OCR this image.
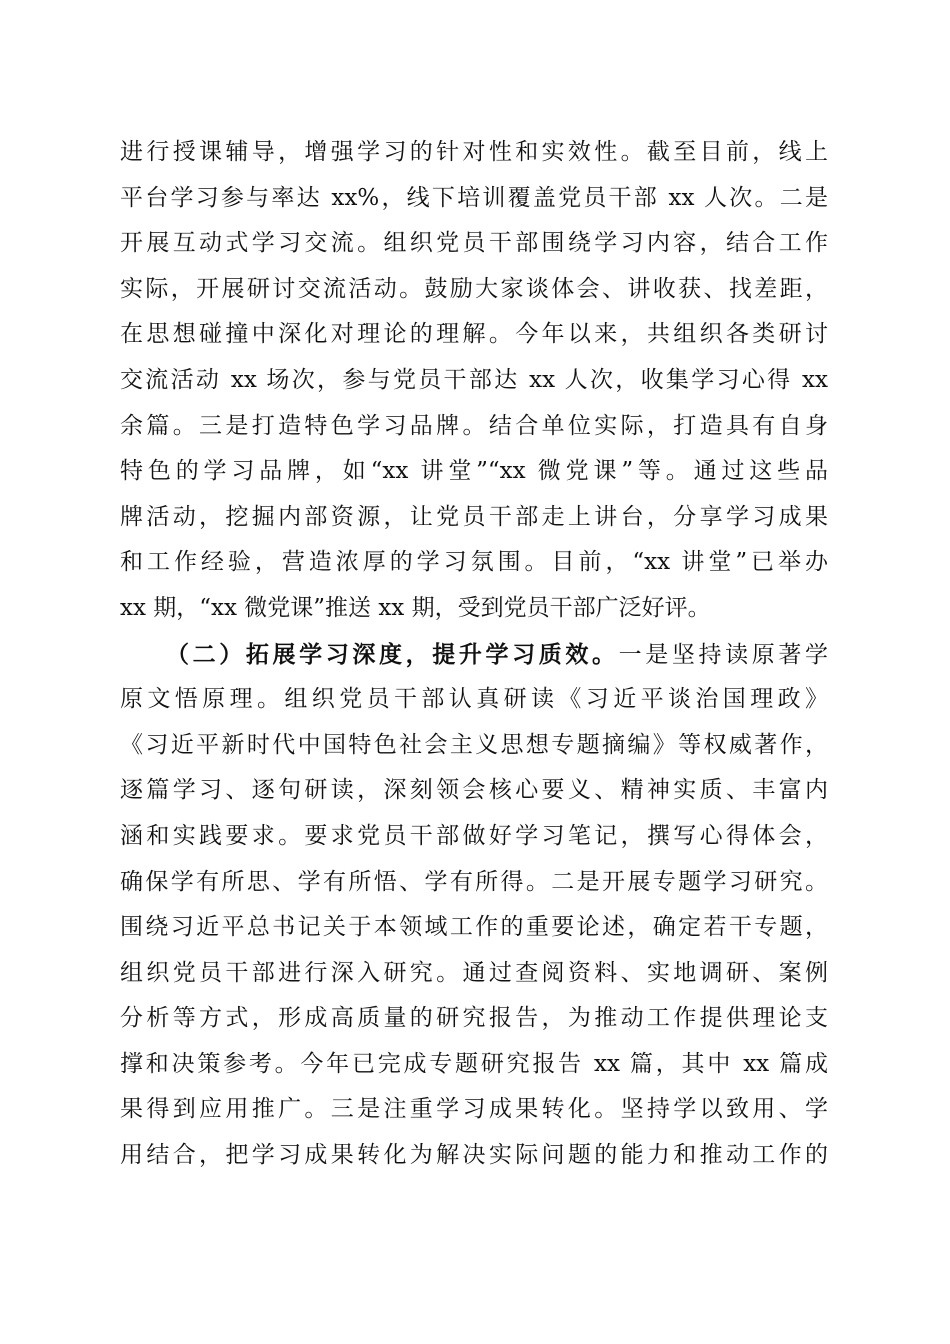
进行授课辅导，增强学习的针对性和实效性。截至目前，线上
平台学习参与率达 xx%，线下培训覆盖党员干部 xx 人次。二是
开展互动式学习交流。组织党员干部围绕学习内容，结合工作
实际，开展研讨交流活动。鼓励大家谈体会、讲收获、找差距，
在思想碰撞中深化对理论的理解。今年以来，共组织各类研讨
交流活动 xx 场次，参与党员干部达 xx 人次，收集学习心得 xx
余篇。三是打造特色学习品牌。结合单位实际，打造具有自身
特色的学习品牌，如“xx 讲堂”“xx 微党课”等。通过这些品
牌活动，挖掘内部资源，让党员干部走上讲台，分享学习成果
和工作经验，营造浓厚的学习氛围。目前，“xx 讲堂”已举办
xx 期，“xx 微党课”推送 xx 期，受到党员干部广泛好评。
（二）拓展学习深度，提升学习质效。一是坚持读原著学
原文悟原理。组织党员干部认真研读《习近平谈治国理政》
《习近平新时代中国特色社会主义思想专题摘编》等权威著作，
逐篇学习、逐句研读，深刻领会核心要义、精神实质、丰富内
涵和实践要求。要求党员干部做好学习笔记，撰写心得体会，
确保学有所思、学有所悟、学有所得。二是开展专题学习研究。
围绕习近平总书记关于本领域工作的重要论述，确定若干专题，
组织党员干部进行深入研究。通过查阅资料、实地调研、案例
分析等方式，形成高质量的研究报告，为推动工作提供理论支
撑和决策参考。今年已完成专题研究报告 xx 篇，其中 xx 篇成
果得到应用推广。三是注重学习成果转化。坚持学以致用、学
用结合，把学习成果转化为解决实际问题的能力和推动工作的
